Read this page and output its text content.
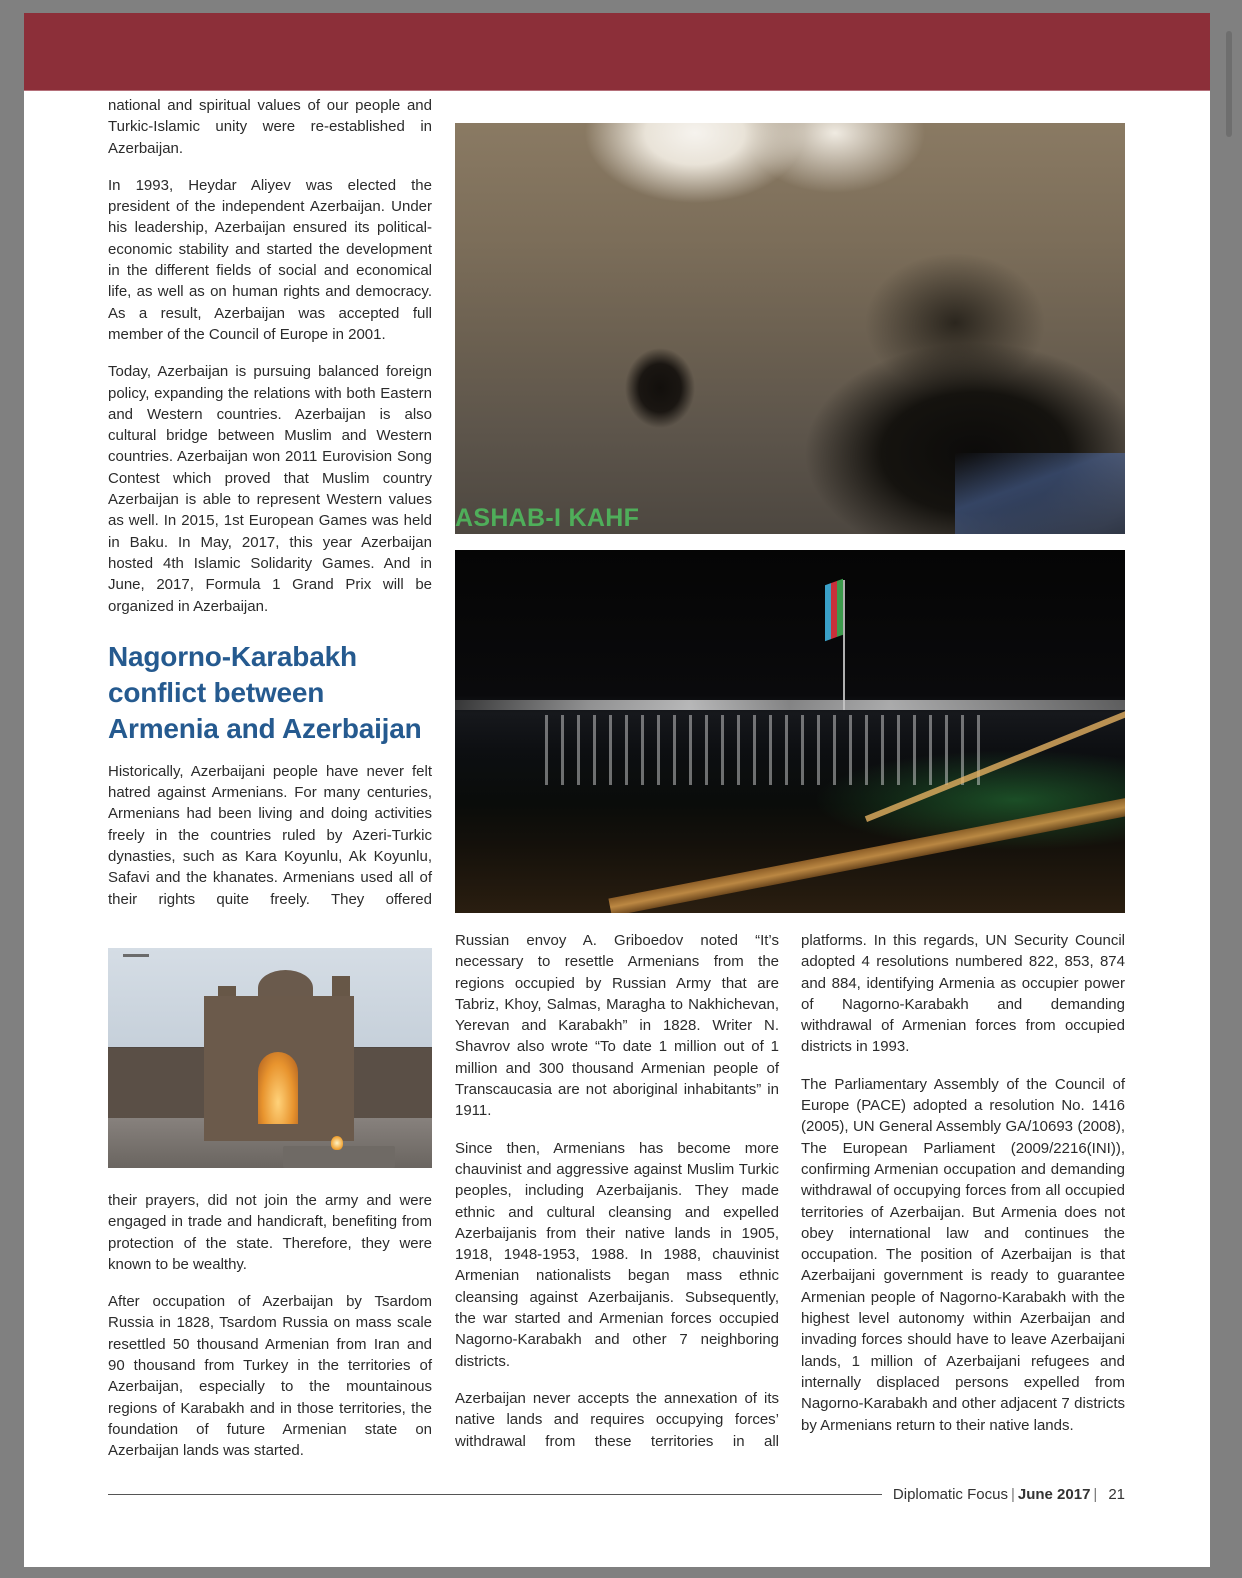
national and spiritual values of our people and Turkic-Islamic unity were re-established in Azerbaijan.

In 1993, Heydar Aliyev was elected the president of the independent Azerbaijan. Under his leadership, Azerbaijan ensured its political-economic stability and started the development in the different fields of social and economical life, as well as on human rights and democracy. As a result, Azerbaijan was accepted full member of the Council of Europe in 2001.

Today, Azerbaijan is pursuing balanced foreign policy, expanding the relations with both Eastern and Western countries. Azerbaijan is also cultural bridge between Muslim and Western countries. Azerbaijan won 2011 Eurovision Song Contest which proved that Muslim country Azerbaijan is able to represent Western values as well. In 2015, 1st European Games was held in Baku. In May, 2017, this year Azerbaijan hosted 4th Islamic Solidarity Games. And in June, 2017, Formula 1 Grand Prix will be organized in Azerbaijan.

Nagorno-Karabakh conflict between Armenia and Azerbaijan

Historically, Azerbaijani people have never felt hatred against Armenians. For many centuries, Armenians had been living and doing activities freely in the countries ruled by Azeri-Turkic dynasties, such as Kara Koyunlu, Ak Koyunlu, Safavi and the khanates. Armenians used all of their rights quite freely. They offered

ASHAB-I KAHF

their prayers, did not join the army and were engaged in trade and handicraft, benefiting from protection of the state. Therefore, they were known to be wealthy.

After occupation of Azerbaijan by Tsardom Russia in 1828, Tsardom Russia on mass scale resettled 50 thousand Armenian from Iran and 90 thousand from Turkey in the territories of Azerbaijan, especially to the mountainous regions of Karabakh and in those territories, the foundation of future Armenian state on Azerbaijan lands was started.

Russian envoy A. Griboedov noted “It’s necessary to resettle Armenians from the regions occupied by Russian Army that are Tabriz, Khoy, Salmas, Maragha to Nakhichevan, Yerevan and Karabakh” in 1828. Writer N. Shavrov also wrote “To date 1 million out of 1 million and 300 thousand Armenian people of Transcaucasia are not aboriginal inhabitants” in 1911.

Since then, Armenians has become more chauvinist and aggressive against Muslim Turkic peoples, including Azerbaijanis. They made ethnic and cultural cleansing and expelled Azerbaijanis from their native lands in 1905, 1918, 1948-1953, 1988. In 1988, chauvinist Armenian nationalists began mass ethnic cleansing against Azerbaijanis. Subsequently, the war started and Armenian forces occupied Nagorno-Karabakh and other 7 neighboring districts.

Azerbaijan never accepts the annexation of its native lands and requires occupying forces’ withdrawal from these territories in all

platforms. In this regards, UN Security Council adopted 4 resolutions numbered 822, 853, 874 and 884, identifying Armenia as occupier power of Nagorno-Karabakh and demanding withdrawal of Armenian forces from occupied districts in 1993.

The Parliamentary Assembly of the Council of Europe (PACE) adopted a resolution No. 1416 (2005), UN General Assembly GA/10693 (2008), The European Parliament (2009/2216(INI)), confirming Armenian occupation and demanding withdrawal of occupying forces from all occupied territories of Azerbaijan. But Armenia does not obey international law and continues the occupation. The position of Azerbaijan is that Azerbaijani government is ready to guarantee Armenian people of Nagorno-Karabakh with the highest level autonomy within Azerbaijan and invading forces should have to leave Azerbaijani lands, 1 million of Azerbaijani refugees and internally displaced persons expelled from Nagorno-Karabakh and other adjacent 7 districts by Armenians return to their native lands.

Diplomatic Focus | June 2017 | 21
